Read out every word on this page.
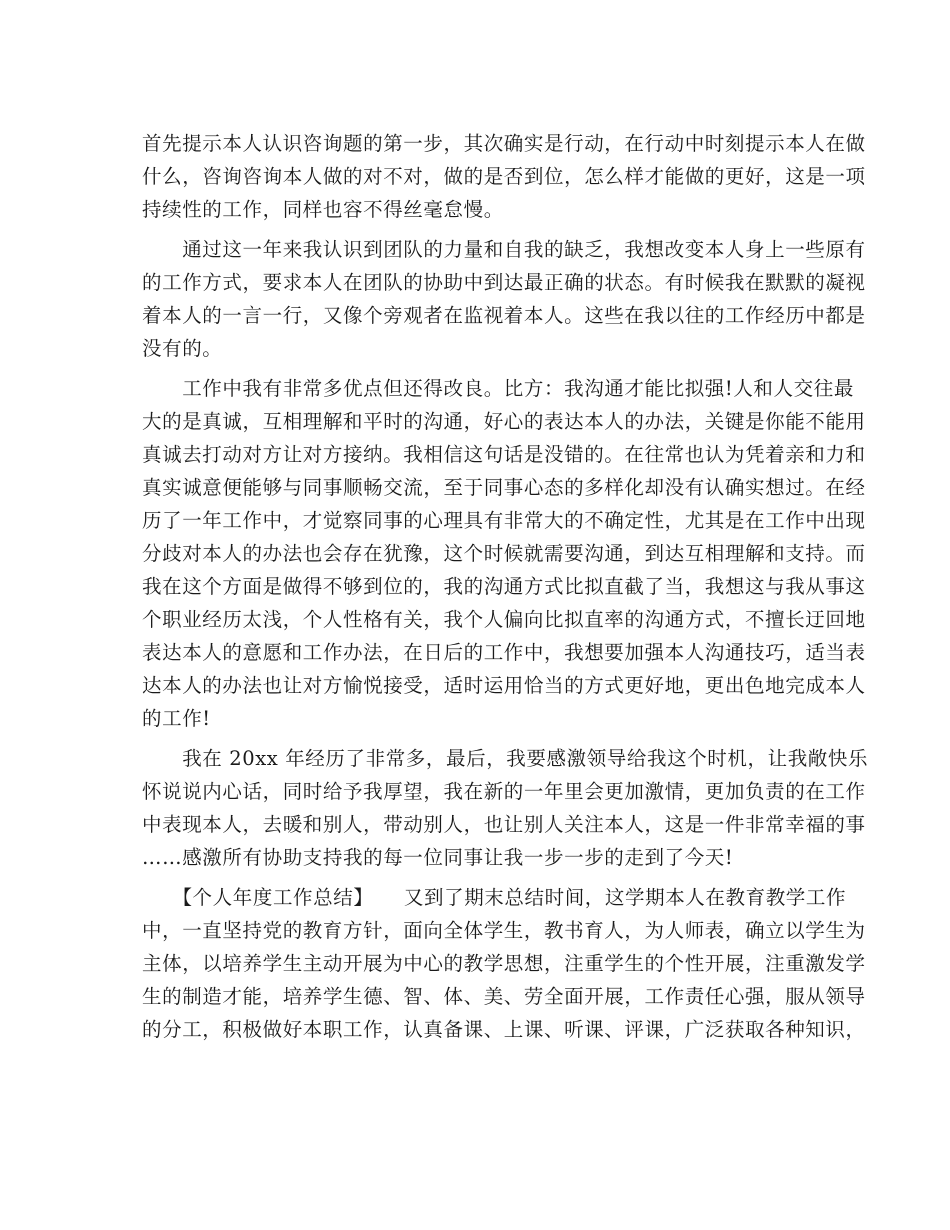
首先提示本人认识咨询题的第一步，其次确实是行动，在行动中时刻提示本人在做
什么，咨询咨询本人做的对不对，做的是否到位，怎么样才能做的更好，这是一项
持续性的工作，同样也容不得丝毫怠慢。
　　通过这一年来我认识到团队的力量和自我的缺乏，我想改变本人身上一些原有
的工作方式，要求本人在团队的协助中到达最正确的状态。有时候我在默默的凝视
着本人的一言一行，又像个旁观者在监视着本人。这些在我以往的工作经历中都是
没有的。
　　工作中我有非常多优点但还得改良。比方：我沟通才能比拟强!人和人交往最
大的是真诚，互相理解和平时的沟通，好心的表达本人的办法，关键是你能不能用
真诚去打动对方让对方接纳。我相信这句话是没错的。在往常也认为凭着亲和力和
真实诚意便能够与同事顺畅交流，至于同事心态的多样化却没有认确实想过。在经
历了一年工作中，才觉察同事的心理具有非常大的不确定性，尤其是在工作中出现
分歧对本人的办法也会存在犹豫，这个时候就需要沟通，到达互相理解和支持。而
我在这个方面是做得不够到位的，我的沟通方式比拟直截了当，我想这与我从事这
个职业经历太浅，个人性格有关，我个人偏向比拟直率的沟通方式，不擅长迂回地
表达本人的意愿和工作办法，在日后的工作中，我想要加强本人沟通技巧，适当表
达本人的办法也让对方愉悦接受，适时运用恰当的方式更好地，更出色地完成本人
的工作!
　　我在 20xx 年经历了非常多，最后，我要感激领导给我这个时机，让我敞快乐
怀说说内心话，同时给予我厚望，我在新的一年里会更加激情，更加负责的在工作
中表现本人，去暖和别人，带动别人，也让别人关注本人，这是一件非常幸福的事
……感激所有协助支持我的每一位同事让我一步一步的走到了今天!
　　【个人年度工作总结】　　又到了期末总结时间，这学期本人在教育教学工作
中，一直坚持党的教育方针，面向全体学生，教书育人，为人师表，确立以学生为
主体，以培养学生主动开展为中心的教学思想，注重学生的个性开展，注重激发学
生的制造才能，培养学生德、智、体、美、劳全面开展，工作责任心强，服从领导
的分工，积极做好本职工作，认真备课、上课、听课、评课，广泛获取各种知识，
